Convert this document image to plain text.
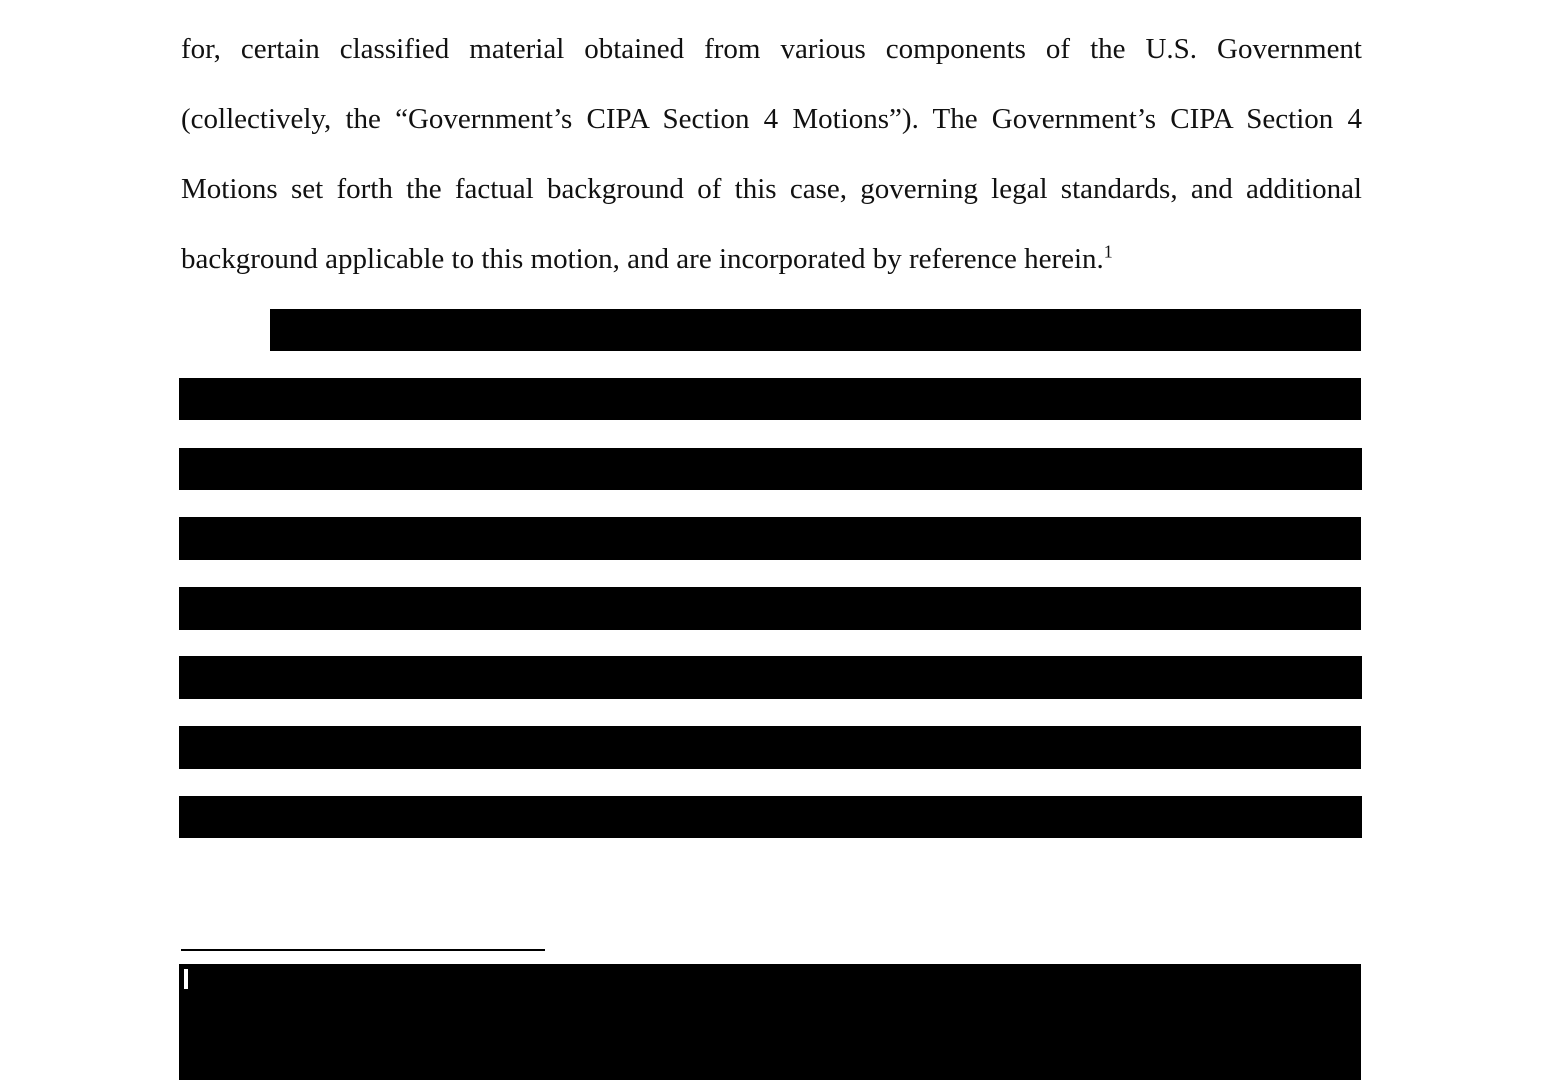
for, certain classified material obtained from various components of the U.S. Government
(collectively, the “Government’s CIPA Section 4 Motions”). The Government’s CIPA Section 4
Motions set forth the factual background of this case, governing legal standards, and additional
background applicable to this motion, and are incorporated by reference herein.$^1$
